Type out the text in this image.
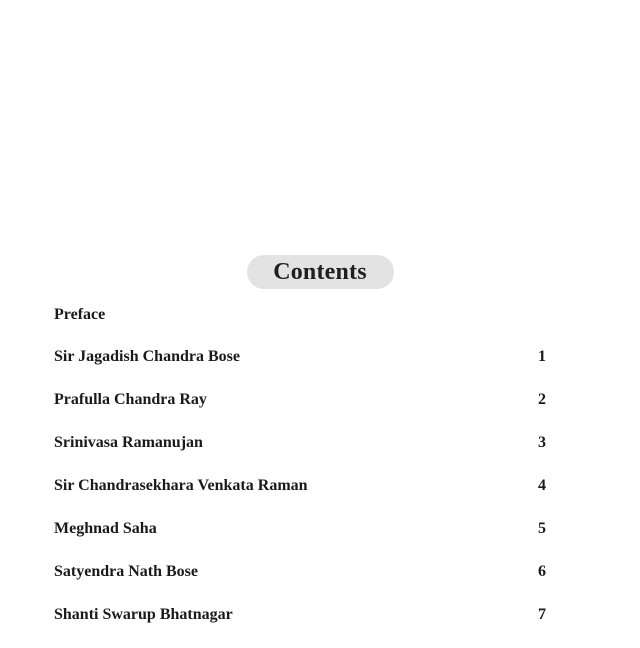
Contents
Preface
Sir Jagadish Chandra Bose	1
Prafulla Chandra Ray	2
Srinivasa Ramanujan	3
Sir Chandrasekhara Venkata Raman	4
Meghnad Saha	5
Satyendra Nath Bose	6
Shanti Swarup Bhatnagar	7
